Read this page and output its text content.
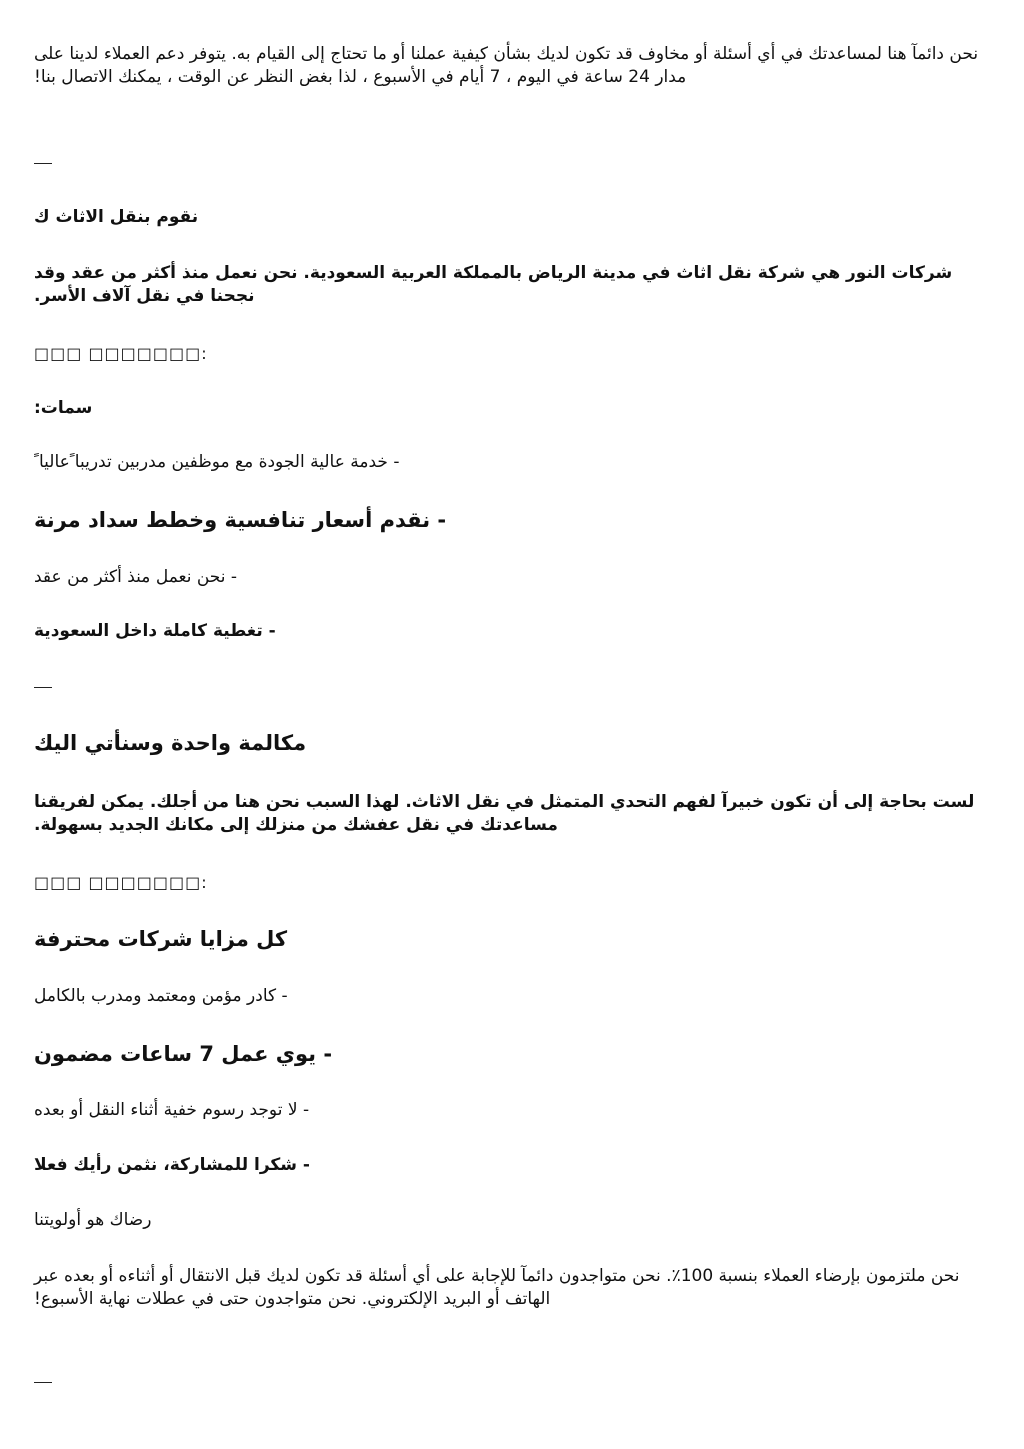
نحن دائمآ هنا لمساعدتك في أي أسئلة أو مخاوف قد تكون لديك بشأن كيفية عملنا أو ما تحتاج إلى القيام به. يتوفر دعم العملاء لدينا على مدار 24 ساعة في اليوم ، 7 أيام في الأسبوع ، لذا بغض النظر عن الوقت ، يمكنك الاتصال بنا!

نقوم بنقل الاثاث ك

شركات النور هي شركة نقل اثاث في مدينة الرياض بالمملكة العربية السعودية. نحن نعمل منذ أكثر من عقد وقد نجحنا في نقل آلاف الأسر.

□□□ □□□□□□□:

سمات:

- خدمة عالية الجودة مع موظفين مدربين تدريبا ًعاليا ً

- نقدم أسعار تنافسية وخطط سداد مرنة

- نحن نعمل منذ أكثر من عقد

- تغطية كاملة داخل السعودية

مكالمة واحدة وسنأتي اليك

لست بحاجة إلى أن تكون خبيرآ لفهم التحدي المتمثل في نقل الاثاث. لهذا السبب نحن هنا من أجلك. يمكن لفريقنا مساعدتك في نقل عفشك من منزلك إلى مكانك الجديد بسهولة.

□□□ □□□□□□□:

كل مزايا شركات محترفة

- كادر مؤمن ومعتمد ومدرب بالكامل

- يوي عمل 7 ساعات مضمون

- لا توجد رسوم خفية أثناء النقل أو بعده

- شكرا للمشاركة، نثمن رأيك فعلا

رضاك هو أولويتنا

نحن ملتزمون بإرضاء العملاء بنسبة 100٪. نحن متواجدون دائمآ للإجابة على أي أسئلة قد تكون لديك قبل الانتقال أو أثناءه أو بعده عبر الهاتف أو البريد الإلكتروني. نحن متواجدون حتى في عطلات نهاية الأسبوع!
